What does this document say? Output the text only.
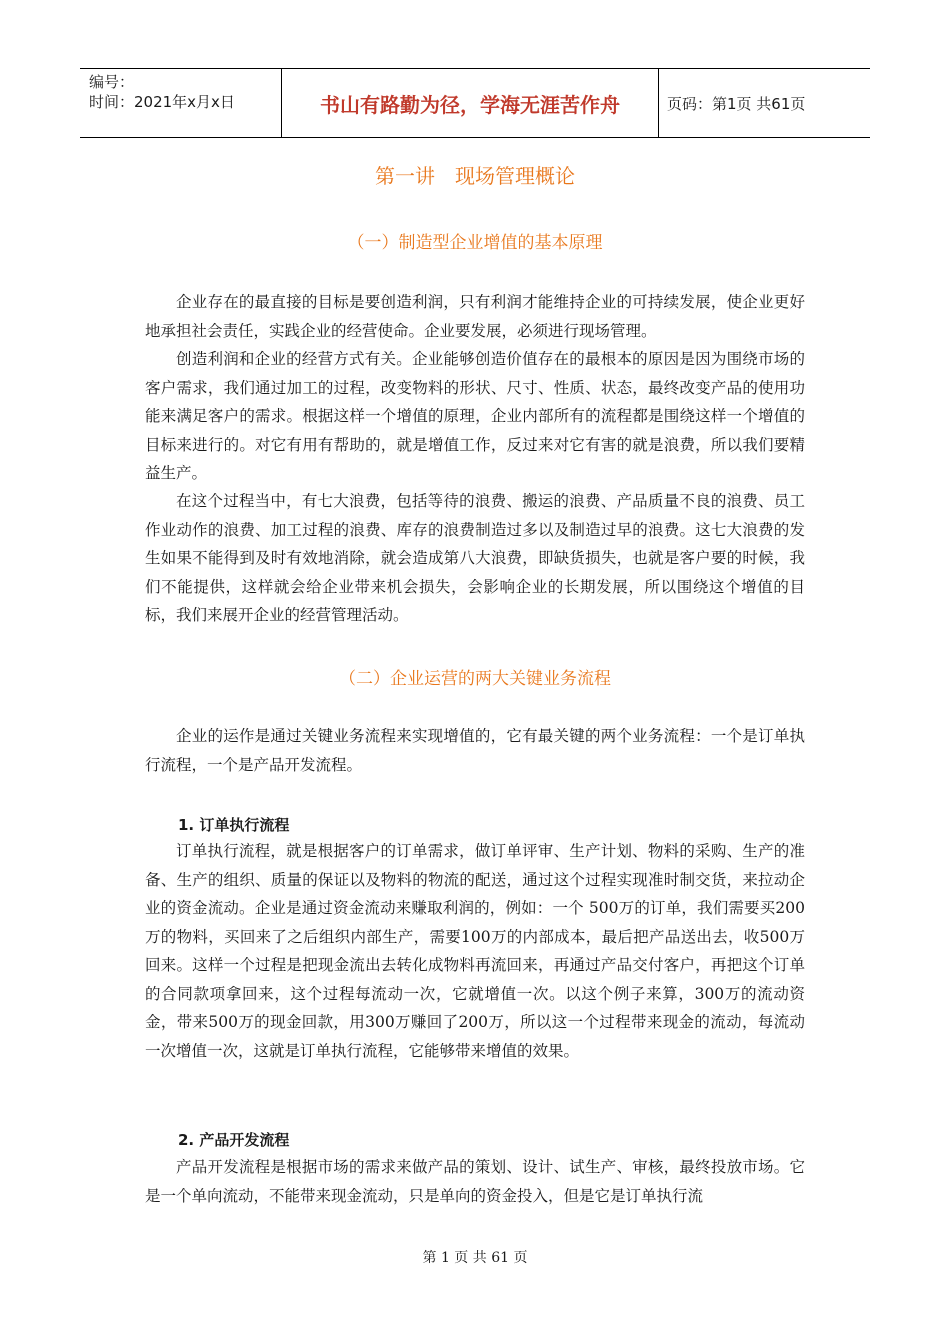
编号：
时间：2021年x月x日	书山有路勤为径，学海无涯苦作舟	页码：第1页 共61页
第一讲　现场管理概论
（一）制造型企业增值的基本原理

企业存在的最直接的目标是要创造利润，只有利润才能维持企业的可持续发展，使企业更好地承担社会责任，实践企业的经营使命。企业要发展，必须进行现场管理。

创造利润和企业的经营方式有关。企业能够创造价值存在的最根本的原因是因为围绕市场的客户需求，我们通过加工的过程，改变物料的形状、尺寸、性质、状态，最终改变产品的使用功能来满足客户的需求。根据这样一个增值的原理，企业内部所有的流程都是围绕这样一个增值的目标来进行的。对它有用有帮助的，就是增值工作，反过来对它有害的就是浪费，所以我们要精益生产。

在这个过程当中，有七大浪费，包括等待的浪费、搬运的浪费、产品质量不良的浪费、员工作业动作的浪费、加工过程的浪费、库存的浪费制造过多以及制造过早的浪费。这七大浪费的发生如果不能得到及时有效地消除，就会造成第八大浪费，即缺货损失，也就是客户要的时候，我们不能提供，这样就会给企业带来机会损失，会影响企业的长期发展，所以围绕这个增值的目标，我们来展开企业的经营管理活动。

（二）企业运营的两大关键业务流程

企业的运作是通过关键业务流程来实现增值的，它有最关键的两个业务流程：一个是订单执行流程，一个是产品开发流程。

1. 订单执行流程

订单执行流程，就是根据客户的订单需求，做订单评审、生产计划、物料的采购、生产的准备、生产的组织、质量的保证以及物料的物流的配送，通过这个过程实现准时制交货，来拉动企业的资金流动。企业是通过资金流动来赚取利润的，例如：一个 500万的订单，我们需要买200万的物料，买回来了之后组织内部生产，需要100万的内部成本，最后把产品送出去，收500万回来。这样一个过程是把现金流出去转化成物料再流回来，再通过产品交付客户，再把这个订单的合同款项拿回来，这个过程每流动一次，它就增值一次。以这个例子来算，300万的流动资金，带来500万的现金回款，用300万赚回了200万，所以这一个过程带来现金的流动，每流动一次增值一次，这就是订单执行流程，它能够带来增值的效果。

2. 产品开发流程

产品开发流程是根据市场的需求来做产品的策划、设计、试生产、审核，最终投放市场。它是一个单向流动，不能带来现金流动，只是单向的资金投入，但是它是订单执行流

第 1 页 共 61 页
